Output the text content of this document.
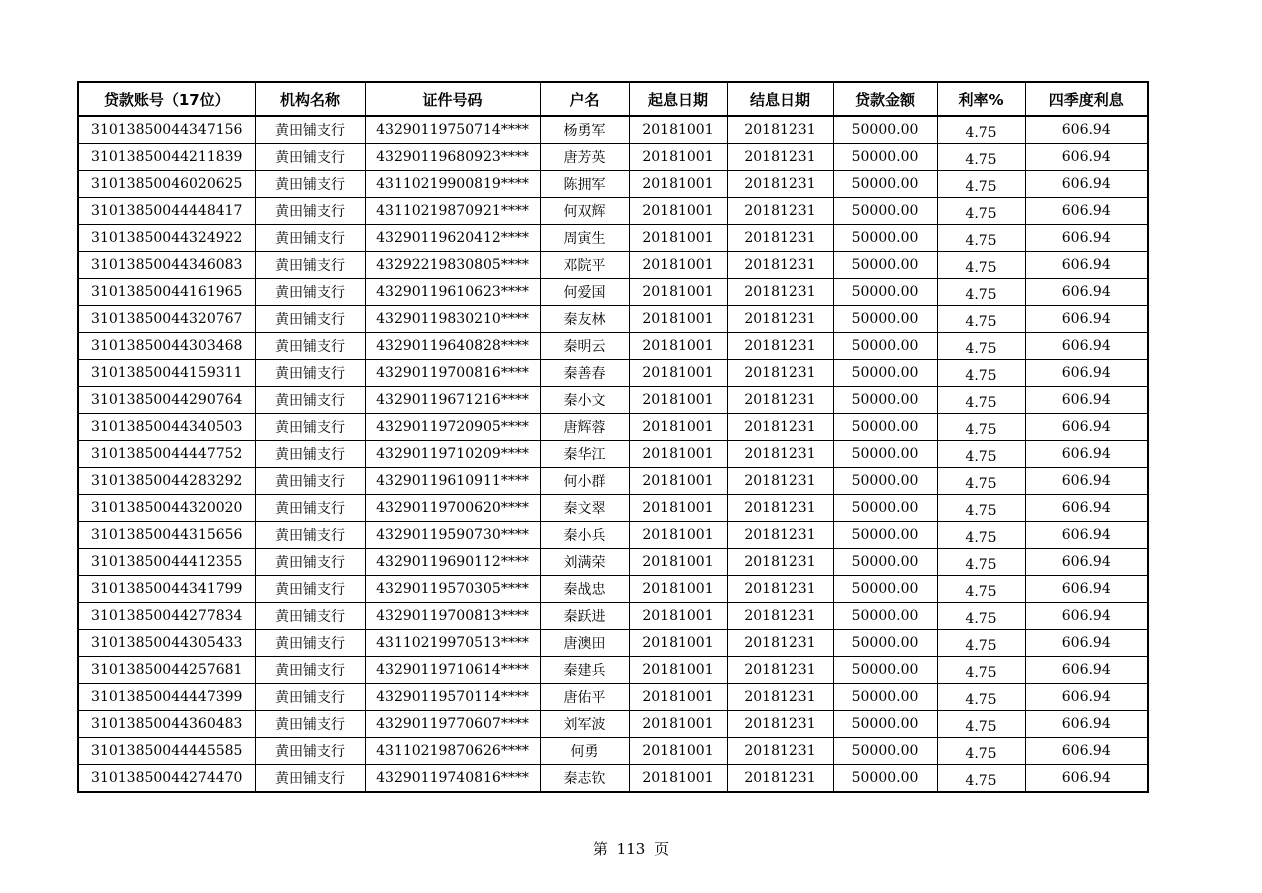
贷款账号（17位）	机构名称	证件号码	户名	起息日期	结息日期	贷款金额	利率%	四季度利息
31013850044347156	黄田铺支行	43290119750714****	杨勇军	20181001	20181231	50000.00	4.75	606.94
31013850044211839	黄田铺支行	43290119680923****	唐芳英	20181001	20181231	50000.00	4.75	606.94
31013850046020625	黄田铺支行	43110219900819****	陈拥军	20181001	20181231	50000.00	4.75	606.94
31013850044448417	黄田铺支行	43110219870921****	何双辉	20181001	20181231	50000.00	4.75	606.94
31013850044324922	黄田铺支行	43290119620412****	周寅生	20181001	20181231	50000.00	4.75	606.94
31013850044346083	黄田铺支行	43292219830805****	邓院平	20181001	20181231	50000.00	4.75	606.94
31013850044161965	黄田铺支行	43290119610623****	何爱国	20181001	20181231	50000.00	4.75	606.94
31013850044320767	黄田铺支行	43290119830210****	秦友林	20181001	20181231	50000.00	4.75	606.94
31013850044303468	黄田铺支行	43290119640828****	秦明云	20181001	20181231	50000.00	4.75	606.94
31013850044159311	黄田铺支行	43290119700816****	秦善春	20181001	20181231	50000.00	4.75	606.94
31013850044290764	黄田铺支行	43290119671216****	秦小文	20181001	20181231	50000.00	4.75	606.94
31013850044340503	黄田铺支行	43290119720905****	唐辉蓉	20181001	20181231	50000.00	4.75	606.94
31013850044447752	黄田铺支行	43290119710209****	秦华江	20181001	20181231	50000.00	4.75	606.94
31013850044283292	黄田铺支行	43290119610911****	何小群	20181001	20181231	50000.00	4.75	606.94
31013850044320020	黄田铺支行	43290119700620****	秦文翠	20181001	20181231	50000.00	4.75	606.94
31013850044315656	黄田铺支行	43290119590730****	秦小兵	20181001	20181231	50000.00	4.75	606.94
31013850044412355	黄田铺支行	43290119690112****	刘满荣	20181001	20181231	50000.00	4.75	606.94
31013850044341799	黄田铺支行	43290119570305****	秦战忠	20181001	20181231	50000.00	4.75	606.94
31013850044277834	黄田铺支行	43290119700813****	秦跃进	20181001	20181231	50000.00	4.75	606.94
31013850044305433	黄田铺支行	43110219970513****	唐澳田	20181001	20181231	50000.00	4.75	606.94
31013850044257681	黄田铺支行	43290119710614****	秦建兵	20181001	20181231	50000.00	4.75	606.94
31013850044447399	黄田铺支行	43290119570114****	唐佑平	20181001	20181231	50000.00	4.75	606.94
31013850044360483	黄田铺支行	43290119770607****	刘军波	20181001	20181231	50000.00	4.75	606.94
31013850044445585	黄田铺支行	43110219870626****	何勇	20181001	20181231	50000.00	4.75	606.94
31013850044274470	黄田铺支行	43290119740816****	秦志钦	20181001	20181231	50000.00	4.75	606.94
第 113 页
